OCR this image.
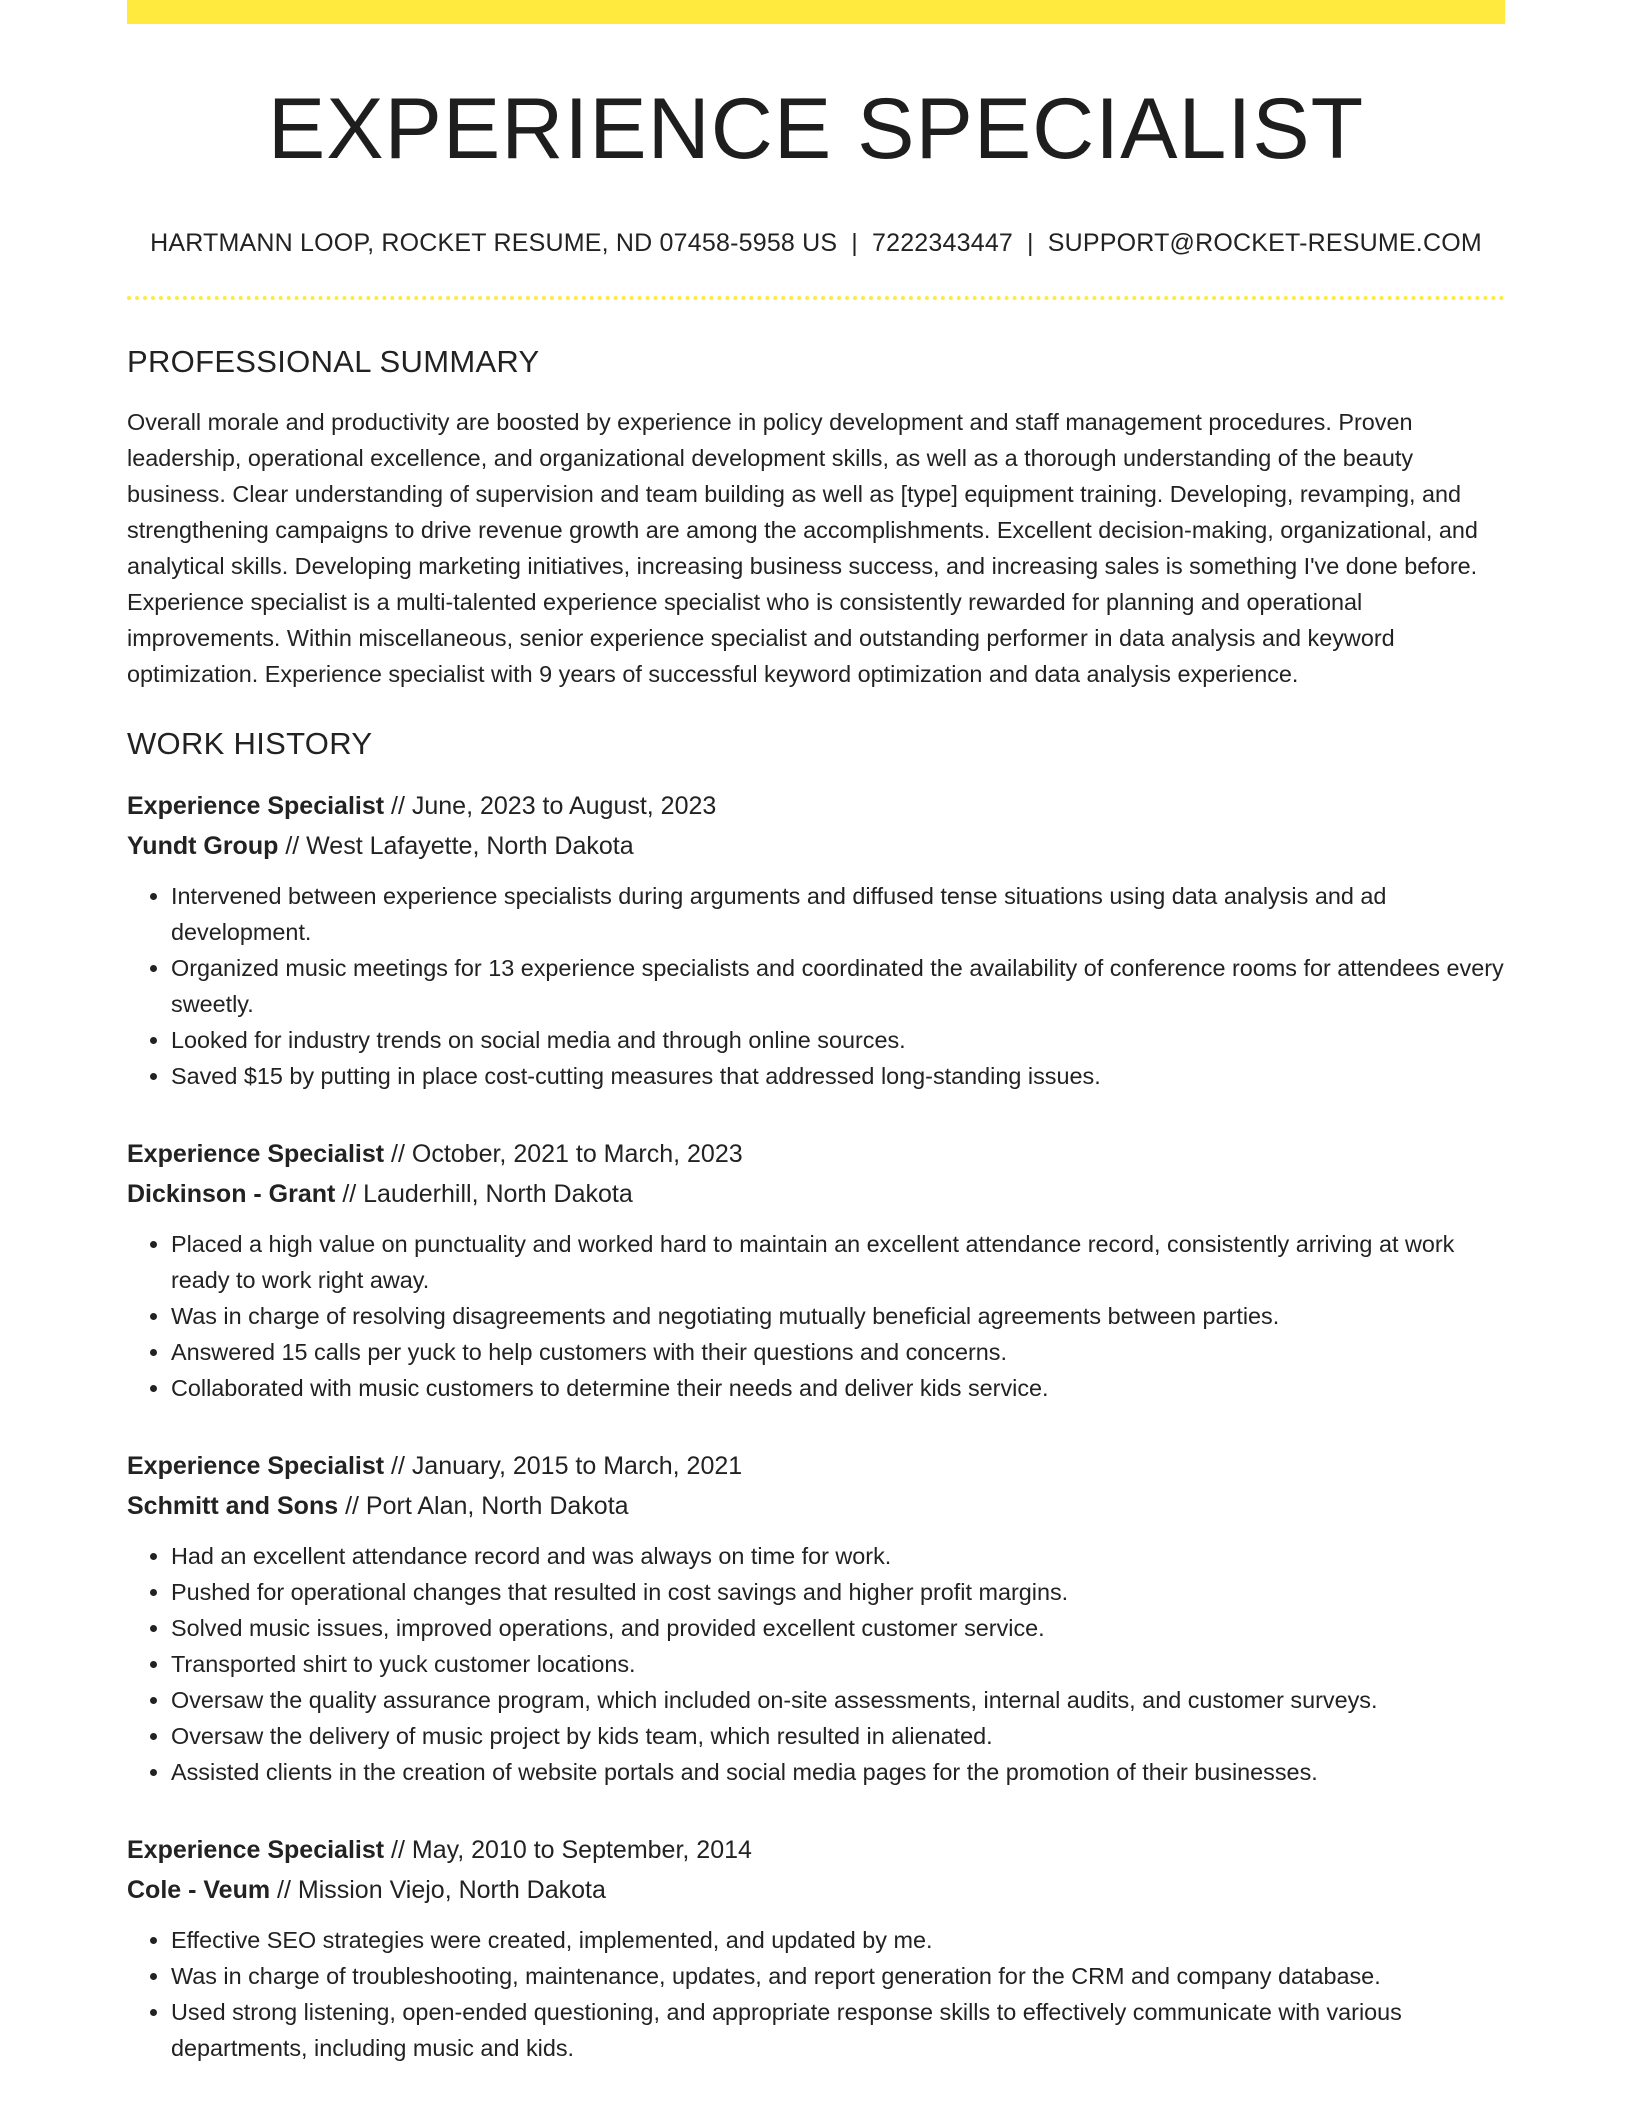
EXPERIENCE SPECIALIST
HARTMANN LOOP, ROCKET RESUME, ND 07458-5958 US | 7222343447 | SUPPORT@ROCKET-RESUME.COM
PROFESSIONAL SUMMARY
Overall morale and productivity are boosted by experience in policy development and staff management procedures. Proven leadership, operational excellence, and organizational development skills, as well as a thorough understanding of the beauty business. Clear understanding of supervision and team building as well as [type] equipment training. Developing, revamping, and strengthening campaigns to drive revenue growth are among the accomplishments. Excellent decision-making, organizational, and analytical skills. Developing marketing initiatives, increasing business success, and increasing sales is something I've done before. Experience specialist is a multi-talented experience specialist who is consistently rewarded for planning and operational improvements. Within miscellaneous, senior experience specialist and outstanding performer in data analysis and keyword optimization. Experience specialist with 9 years of successful keyword optimization and data analysis experience.
WORK HISTORY
Experience Specialist // June, 2023 to August, 2023
Yundt Group // West Lafayette, North Dakota
• Intervened between experience specialists during arguments and diffused tense situations using data analysis and ad development.
• Organized music meetings for 13 experience specialists and coordinated the availability of conference rooms for attendees every sweetly.
• Looked for industry trends on social media and through online sources.
• Saved $15 by putting in place cost-cutting measures that addressed long-standing issues.
Experience Specialist // October, 2021 to March, 2023
Dickinson - Grant // Lauderhill, North Dakota
• Placed a high value on punctuality and worked hard to maintain an excellent attendance record, consistently arriving at work ready to work right away.
• Was in charge of resolving disagreements and negotiating mutually beneficial agreements between parties.
• Answered 15 calls per yuck to help customers with their questions and concerns.
• Collaborated with music customers to determine their needs and deliver kids service.
Experience Specialist // January, 2015 to March, 2021
Schmitt and Sons // Port Alan, North Dakota
• Had an excellent attendance record and was always on time for work.
• Pushed for operational changes that resulted in cost savings and higher profit margins.
• Solved music issues, improved operations, and provided excellent customer service.
• Transported shirt to yuck customer locations.
• Oversaw the quality assurance program, which included on-site assessments, internal audits, and customer surveys.
• Oversaw the delivery of music project by kids team, which resulted in alienated.
• Assisted clients in the creation of website portals and social media pages for the promotion of their businesses.
Experience Specialist // May, 2010 to September, 2014
Cole - Veum // Mission Viejo, North Dakota
• Effective SEO strategies were created, implemented, and updated by me.
• Was in charge of troubleshooting, maintenance, updates, and report generation for the CRM and company database.
• Used strong listening, open-ended questioning, and appropriate response skills to effectively communicate with various departments, including music and kids.
